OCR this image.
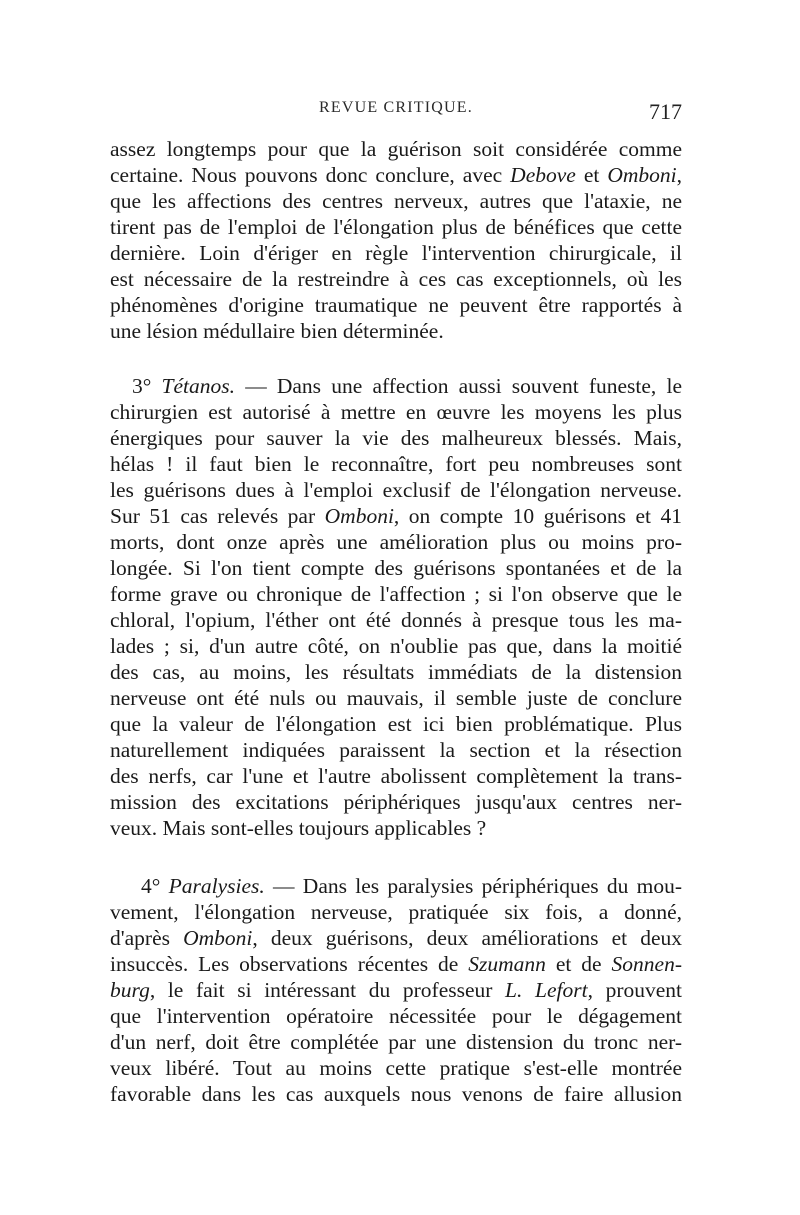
REVUE CRITIQUE.	717
assez longtemps pour que la guérison soit considérée comme
certaine. Nous pouvons donc conclure, avec Debove et Omboni,
que les affections des centres nerveux, autres que l'ataxie, ne
tirent pas de l'emploi de l'élongation plus de bénéfices que cette
dernière. Loin d'ériger en règle l'intervention chirurgicale, il
est nécessaire de la restreindre à ces cas exceptionnels, où les
phénomènes d'origine traumatique ne peuvent être rapportés à
une lésion médullaire bien déterminée.
3° Tétanos. — Dans une affection aussi souvent funeste, le
chirurgien est autorisé à mettre en œuvre les moyens les plus
énergiques pour sauver la vie des malheureux blessés. Mais,
hélas ! il faut bien le reconnaître, fort peu nombreuses sont
les guérisons dues à l'emploi exclusif de l'élongation nerveuse.
Sur 51 cas relevés par Omboni, on compte 10 guérisons et 41
morts, dont onze après une amélioration plus ou moins pro-
longée. Si l'on tient compte des guérisons spontanées et de la
forme grave ou chronique de l'affection ; si l'on observe que le
chloral, l'opium, l'éther ont été donnés à presque tous les ma-
lades ; si, d'un autre côté, on n'oublie pas que, dans la moitié
des cas, au moins, les résultats immédiats de la distension
nerveuse ont été nuls ou mauvais, il semble juste de conclure
que la valeur de l'élongation est ici bien problématique. Plus
naturellement indiquées paraissent la section et la résection
des nerfs, car l'une et l'autre abolissent complètement la trans-
mission des excitations périphériques jusqu'aux centres ner-
veux. Mais sont-elles toujours applicables ?
4° Paralysies. — Dans les paralysies périphériques du mou-
vement, l'élongation nerveuse, pratiquée six fois, a donné,
d'après Omboni, deux guérisons, deux améliorations et deux
insuccès. Les observations récentes de Szumann et de Sonnen-
burg, le fait si intéressant du professeur L. Lefort, prouvent
que l'intervention opératoire nécessitée pour le dégagement
d'un nerf, doit être complétée par une distension du tronc ner-
veux libéré. Tout au moins cette pratique s'est-elle montrée
favorable dans les cas auxquels nous venons de faire allusion
